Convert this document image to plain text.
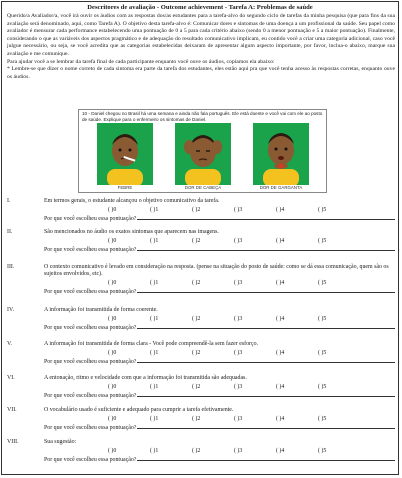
Descritores de avaliação - Outcome achievement - Tarefa A: Problemas de saúde

Querido/a Avaliador/a, você irá ouvir os áudios com as respostas dos/as estudantes para a tarefa-alvo do segundo ciclo de tarefas da minha pesquisa (que para fins da sua avaliação será denominado, aqui, como Tarefa A). O objetivo desta tarefa-alvo é: Comunicar dores e sintomas de uma doença a um profissional da saúde. Seu papel como avaliador é mensurar cada performance estabelecendo uma pontuação de 0 a 5 para cada critério abaixo (sendo 0 a menor pontuação e 5 a maior pontuação). Finalmente, considerando o que as variáveis dos aspectos pragmático e de adequação do resultado comunicativo implicam, eu contido você a criar uma categoria adicional, caso você julgue necessário, ou seja, se você acredita que as categorias estabelecidas deixaram de apresentar algum aspecto importante, por favor, inclua-o abaixo, marque sua avaliação e me comunique.

Para ajudar você a se lembrar da tarefa final de cada participante enquanto você ouve os áudios, copiamos ela abaixo:

* Lembre-se que dizer o nome correto de cada sintoma era parte da tarefa dos estudantes, eles estão aqui pra que você tenha acesso às respostas corretas, enquanto ouve os áudios.

10 - Daniel chegou no Brasil há uma semana e ainda não fala português. Ele está doente e você vai com ele ao posto de saúde. Explique para o enfermeiro os sintomas de Daniel.
FEBRE	DOR DE CABEÇA	DOR DE GARGANTA
I.	Em termos gerais, o estudante alcançou o objetivo comunicativo da tarefa.
( )0	( )1	( )2	( )3	( )4	( )5
Por que você escolheu essa pontuação?
II.	São mencionados no áudio os exatos sintomas que aparecem nas imagens.
( )0	( )1	( )2	( )3	( )4	( )5
Por que você escolheu essa pontuação?
III.	O contexto comunicativo é levado em consideração na resposta. (pense na situação do posto de saúde: como se dá essa comunicação, quem são os sujeitos envolvidos, etc).
( )0	( )1	( )2	( )3	( )4	( )5
Por que você escolheu essa pontuação?
IV.	A informação foi transmitida de forma coerente.
( )0	( )1	( )2	( )3	( )4	( )5
Por que você escolheu essa pontuação?
V.	A informação foi transmitida de forma clara - Você pode compreendê-la sem fazer esforço.
( )0	( )1	( )2	( )3	( )4	( )5
Por que você escolheu essa pontuação?
VI.	A entonação, ritmo e velocidade com que a informação foi transmitida são adequadas.
( )0	( )1	( )2	( )3	( )4	( )5
Por que você escolheu essa pontuação?
VII.	O vocabulário usado é suficiente e adequado para cumprir a tarefa efetivamente.
( )0	( )1	( )2	( )3	( )4	( )5
Por que você escolheu essa pontuação?
VIII.	Sua sugestão:
( )0	( )1	( )2	( )3	( )4	( )5
Por que você escolheu essa pontuação?
